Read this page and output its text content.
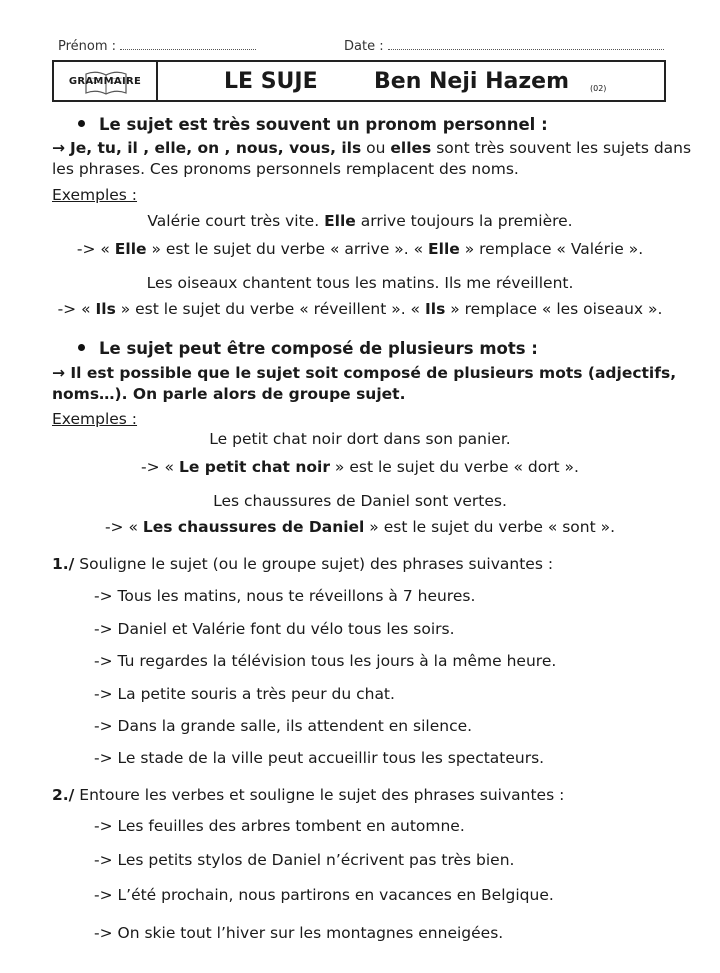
Prénom :	Date :
GRAMMAIRE	LE SUJE	Ben Neji Hazem	(02)
Le sujet est très souvent un pronom personnel :
→ Je, tu, il , elle, on , nous, vous, ils ou elles sont très souvent les sujets dans
les phrases. Ces pronoms personnels remplacent des noms.
Exemples :
Valérie court très vite. Elle arrive toujours la première.
-> « Elle » est le sujet du verbe « arrive ». « Elle » remplace « Valérie ».
Les oiseaux chantent tous les matins. Ils me réveillent.
-> « Ils » est le sujet du verbe « réveillent ». « Ils » remplace « les oiseaux ».
Le sujet peut être composé de plusieurs mots :
→ Il est possible que le sujet soit composé de plusieurs mots (adjectifs,
noms…). On parle alors de groupe sujet.
Exemples :
Le petit chat noir dort dans son panier.
-> « Le petit chat noir » est le sujet du verbe « dort ».
Les chaussures de Daniel sont vertes.
-> « Les chaussures de Daniel » est le sujet du verbe « sont ».
1./ Souligne le sujet (ou le groupe sujet) des phrases suivantes :
-> Tous les matins, nous te réveillons à 7 heures.
-> Daniel et Valérie font du vélo tous les soirs.
-> Tu regardes la télévision tous les jours à la même heure.
-> La petite souris a très peur du chat.
-> Dans la grande salle, ils attendent en silence.
-> Le stade de la ville peut accueillir tous les spectateurs.
2./ Entoure les verbes et souligne le sujet des phrases suivantes :
-> Les feuilles des arbres tombent en automne.
-> Les petits stylos de Daniel n’écrivent pas très bien.
-> L’été prochain, nous partirons en vacances en Belgique.
-> On skie tout l’hiver sur les montagnes enneigées.
